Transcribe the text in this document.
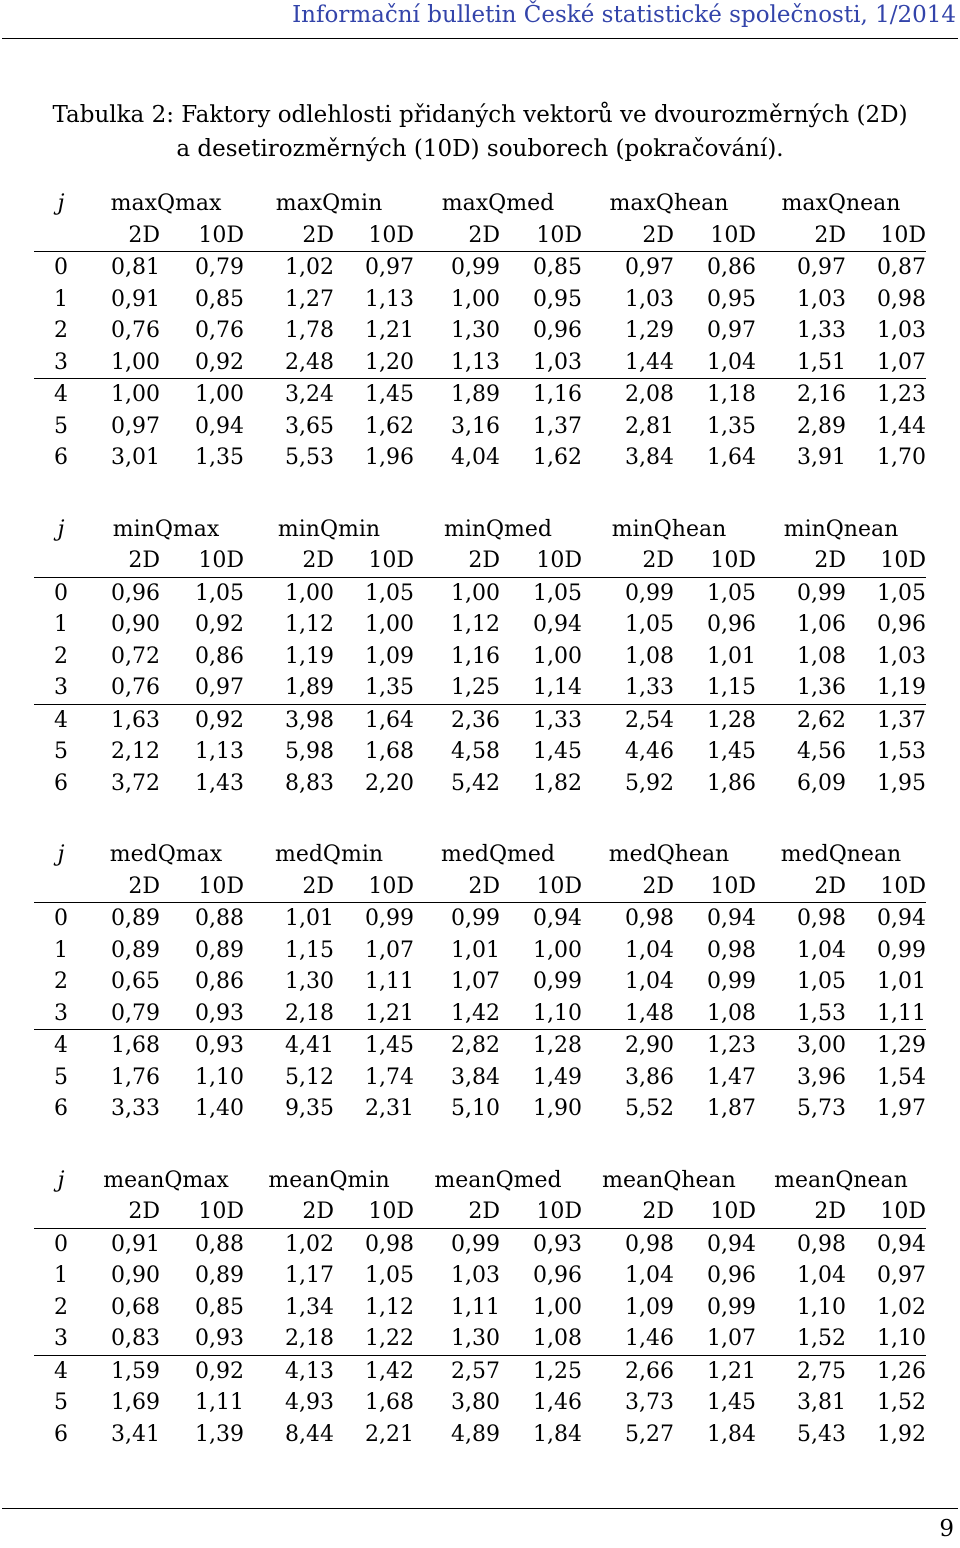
Informační bulletin České statistické společnosti, 1/2014
Tabulka 2: Faktory odlehlosti přidaných vektorů ve dvourozměrných (2D)
a desetirozměrných (10D) souborech (pokračování).
j	maxQmax		maxQmin		maxQmed		maxQhean		maxQnean	
	2D	10D	2D	10D	2D	10D	2D	10D	2D	10D
0	0,81	0,79	1,02	0,97	0,99	0,85	0,97	0,86	0,97	0,87
1	0,91	0,85	1,27	1,13	1,00	0,95	1,03	0,95	1,03	0,98
2	0,76	0,76	1,78	1,21	1,30	0,96	1,29	0,97	1,33	1,03
3	1,00	0,92	2,48	1,20	1,13	1,03	1,44	1,04	1,51	1,07
4	1,00	1,00	3,24	1,45	1,89	1,16	2,08	1,18	2,16	1,23
5	0,97	0,94	3,65	1,62	3,16	1,37	2,81	1,35	2,89	1,44
6	3,01	1,35	5,53	1,96	4,04	1,62	3,84	1,64	3,91	1,70
j	minQmax		minQmin		minQmed		minQhean		minQnean	
	2D	10D	2D	10D	2D	10D	2D	10D	2D	10D
0	0,96	1,05	1,00	1,05	1,00	1,05	0,99	1,05	0,99	1,05
1	0,90	0,92	1,12	1,00	1,12	0,94	1,05	0,96	1,06	0,96
2	0,72	0,86	1,19	1,09	1,16	1,00	1,08	1,01	1,08	1,03
3	0,76	0,97	1,89	1,35	1,25	1,14	1,33	1,15	1,36	1,19
4	1,63	0,92	3,98	1,64	2,36	1,33	2,54	1,28	2,62	1,37
5	2,12	1,13	5,98	1,68	4,58	1,45	4,46	1,45	4,56	1,53
6	3,72	1,43	8,83	2,20	5,42	1,82	5,92	1,86	6,09	1,95
j	medQmax		medQmin		medQmed		medQhean		medQnean	
	2D	10D	2D	10D	2D	10D	2D	10D	2D	10D
0	0,89	0,88	1,01	0,99	0,99	0,94	0,98	0,94	0,98	0,94
1	0,89	0,89	1,15	1,07	1,01	1,00	1,04	0,98	1,04	0,99
2	0,65	0,86	1,30	1,11	1,07	0,99	1,04	0,99	1,05	1,01
3	0,79	0,93	2,18	1,21	1,42	1,10	1,48	1,08	1,53	1,11
4	1,68	0,93	4,41	1,45	2,82	1,28	2,90	1,23	3,00	1,29
5	1,76	1,10	5,12	1,74	3,84	1,49	3,86	1,47	3,96	1,54
6	3,33	1,40	9,35	2,31	5,10	1,90	5,52	1,87	5,73	1,97
j	meanQmax		meanQmin		meanQmed		meanQhean		meanQnean	
	2D	10D	2D	10D	2D	10D	2D	10D	2D	10D
0	0,91	0,88	1,02	0,98	0,99	0,93	0,98	0,94	0,98	0,94
1	0,90	0,89	1,17	1,05	1,03	0,96	1,04	0,96	1,04	0,97
2	0,68	0,85	1,34	1,12	1,11	1,00	1,09	0,99	1,10	1,02
3	0,83	0,93	2,18	1,22	1,30	1,08	1,46	1,07	1,52	1,10
4	1,59	0,92	4,13	1,42	2,57	1,25	2,66	1,21	2,75	1,26
5	1,69	1,11	4,93	1,68	3,80	1,46	3,73	1,45	3,81	1,52
6	3,41	1,39	8,44	2,21	4,89	1,84	5,27	1,84	5,43	1,92
9
